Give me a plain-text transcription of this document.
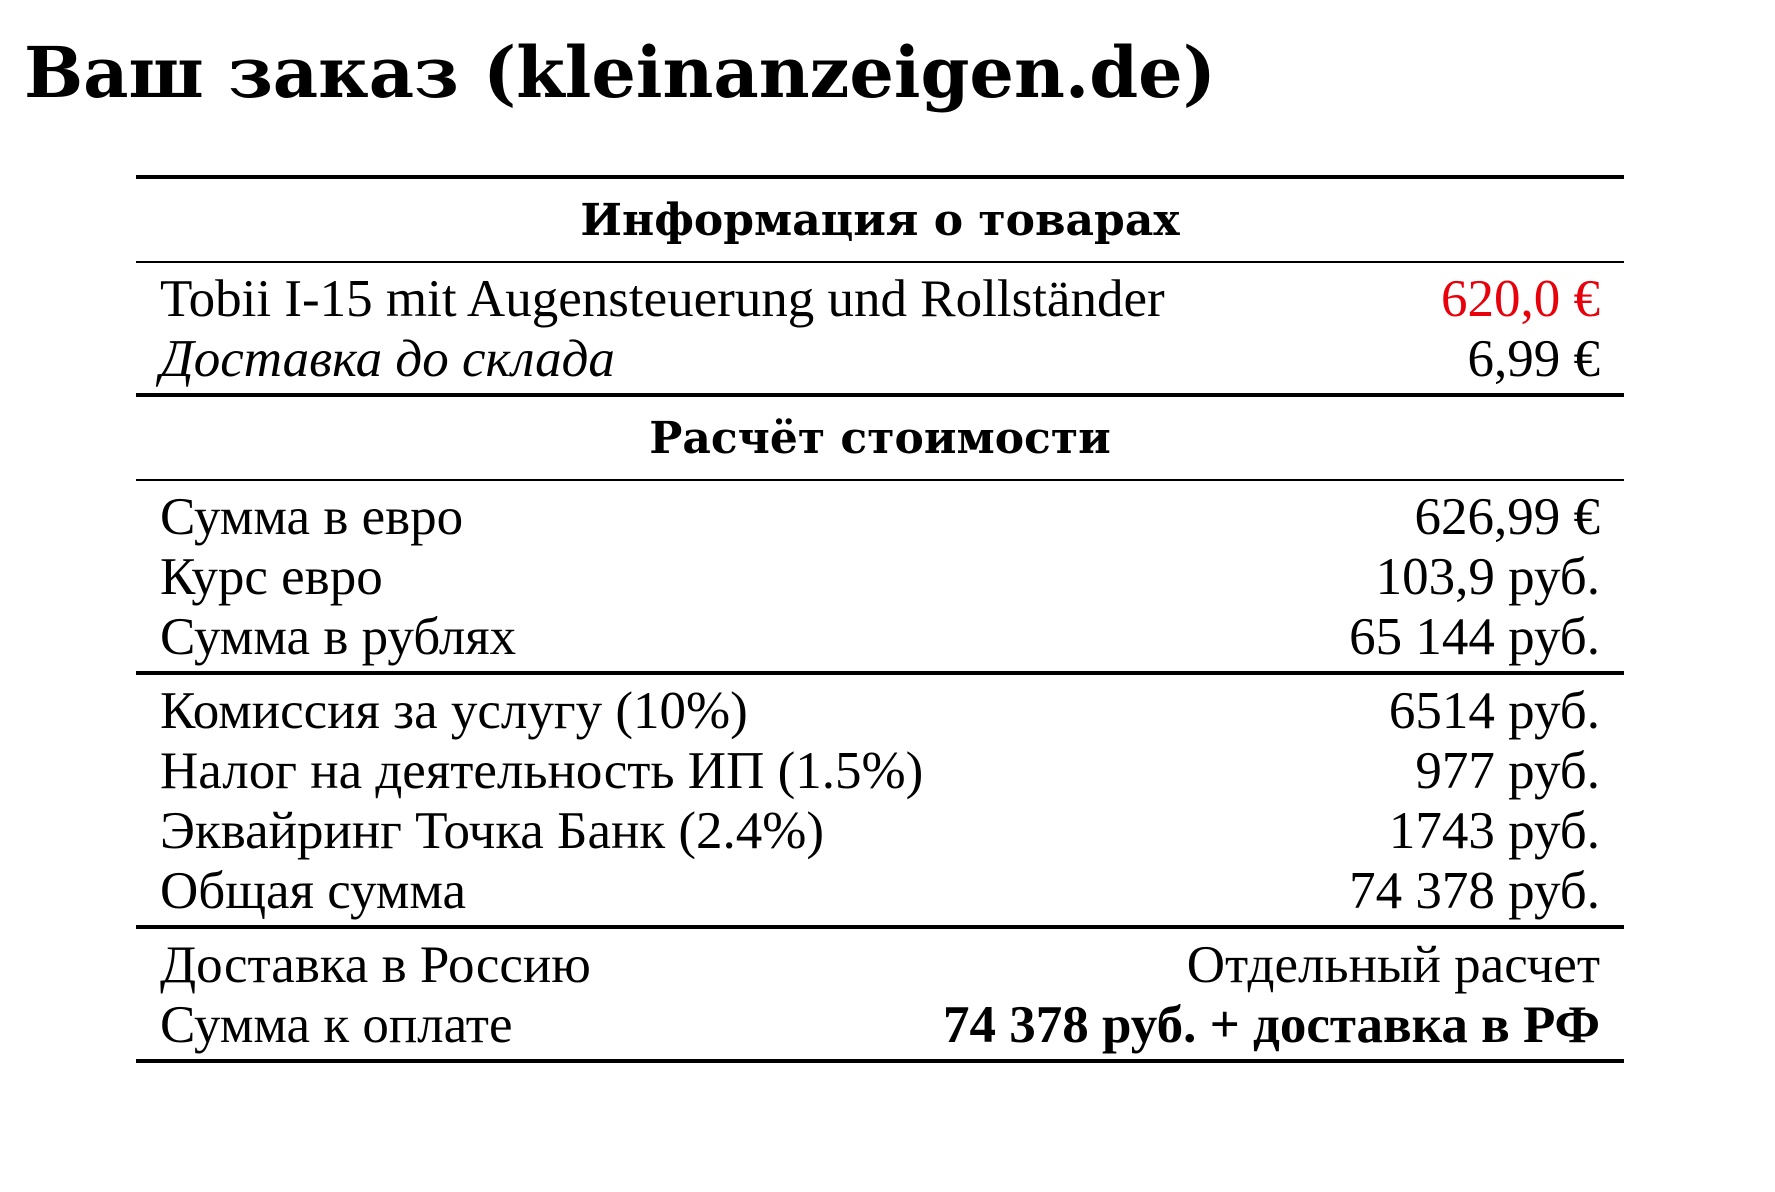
Ваш заказ (kleinanzeigen.de)
Информация о товарах
Tobii I-15 mit Augensteuerung und Rollständer	620,0 €
Доставка до склада	6,99 €
Расчёт стоимости
Сумма в евро	626,99 €
Курс евро	103,9 руб.
Сумма в рублях	65 144 руб.
Комиссия за услугу (10%)	6514 руб.
Налог на деятельность ИП (1.5%)	977 руб.
Эквайринг Точка Банк (2.4%)	1743 руб.
Общая сумма	74 378 руб.
Доставка в Россию	Отдельный расчет
Сумма к оплате	74 378 руб. + доставка в РФ
